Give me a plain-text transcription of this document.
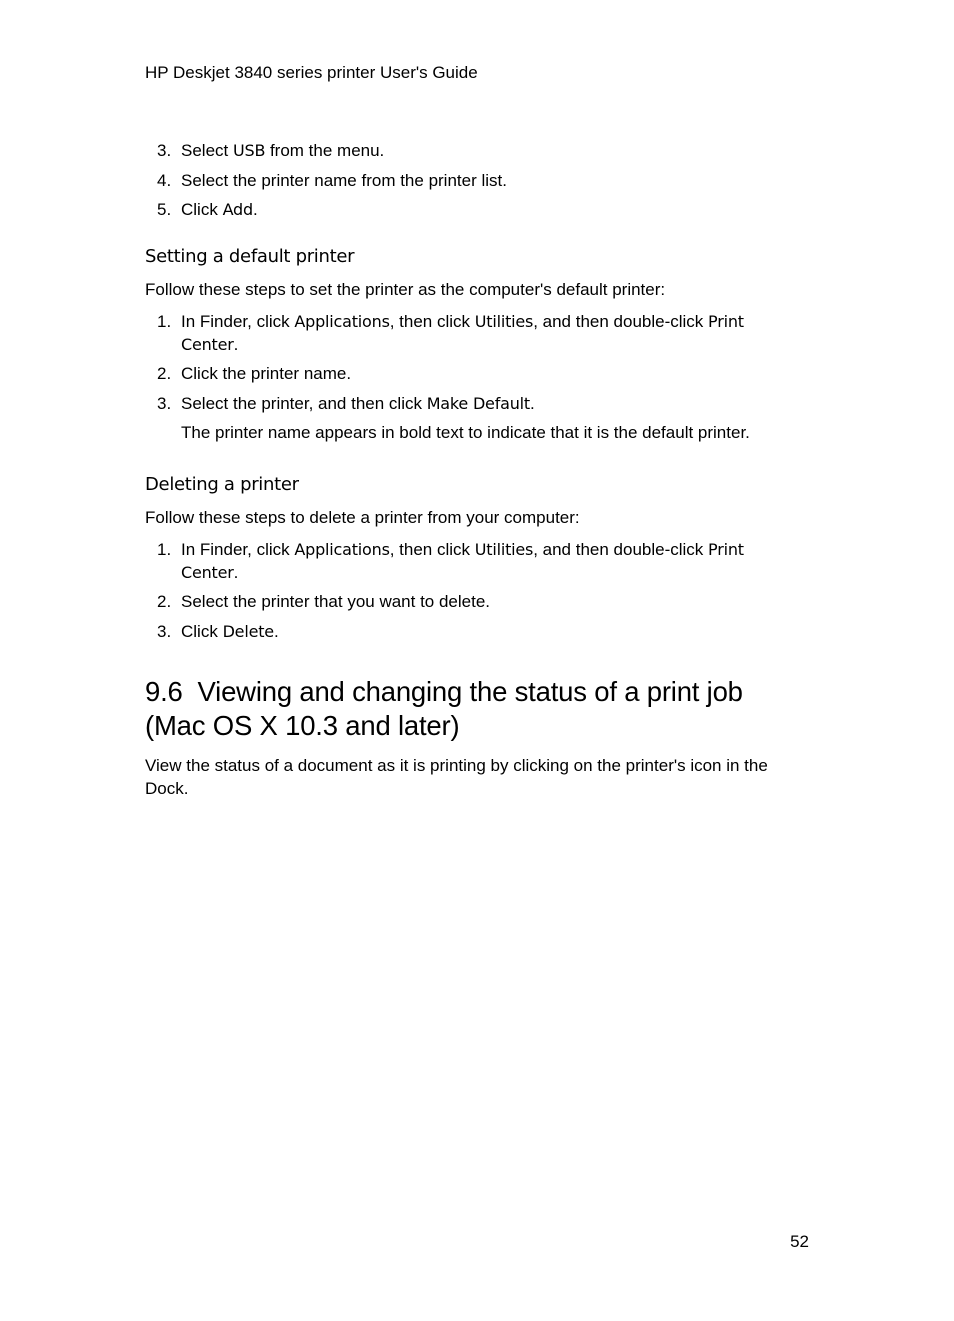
HP Deskjet 3840 series printer User's Guide
3. Select USB from the menu.
4. Select the printer name from the printer list.
5. Click Add.
Setting a default printer

Follow these steps to set the printer as the computer's default printer:

1. In Finder, click Applications, then click Utilities, and then double-click Print
Center.
2. Click the printer name.
3. Select the printer, and then click Make Default.

The printer name appears in bold text to indicate that it is the default printer.

Deleting a printer

Follow these steps to delete a printer from your computer:

1. In Finder, click Applications, then click Utilities, and then double-click Print
Center.
2. Select the printer that you want to delete.
3. Click Delete.
9.6  Viewing and changing the status of a print job
(Mac OS X 10.3 and later)

View the status of a document as it is printing by clicking on the printer's icon in the
Dock.

52
